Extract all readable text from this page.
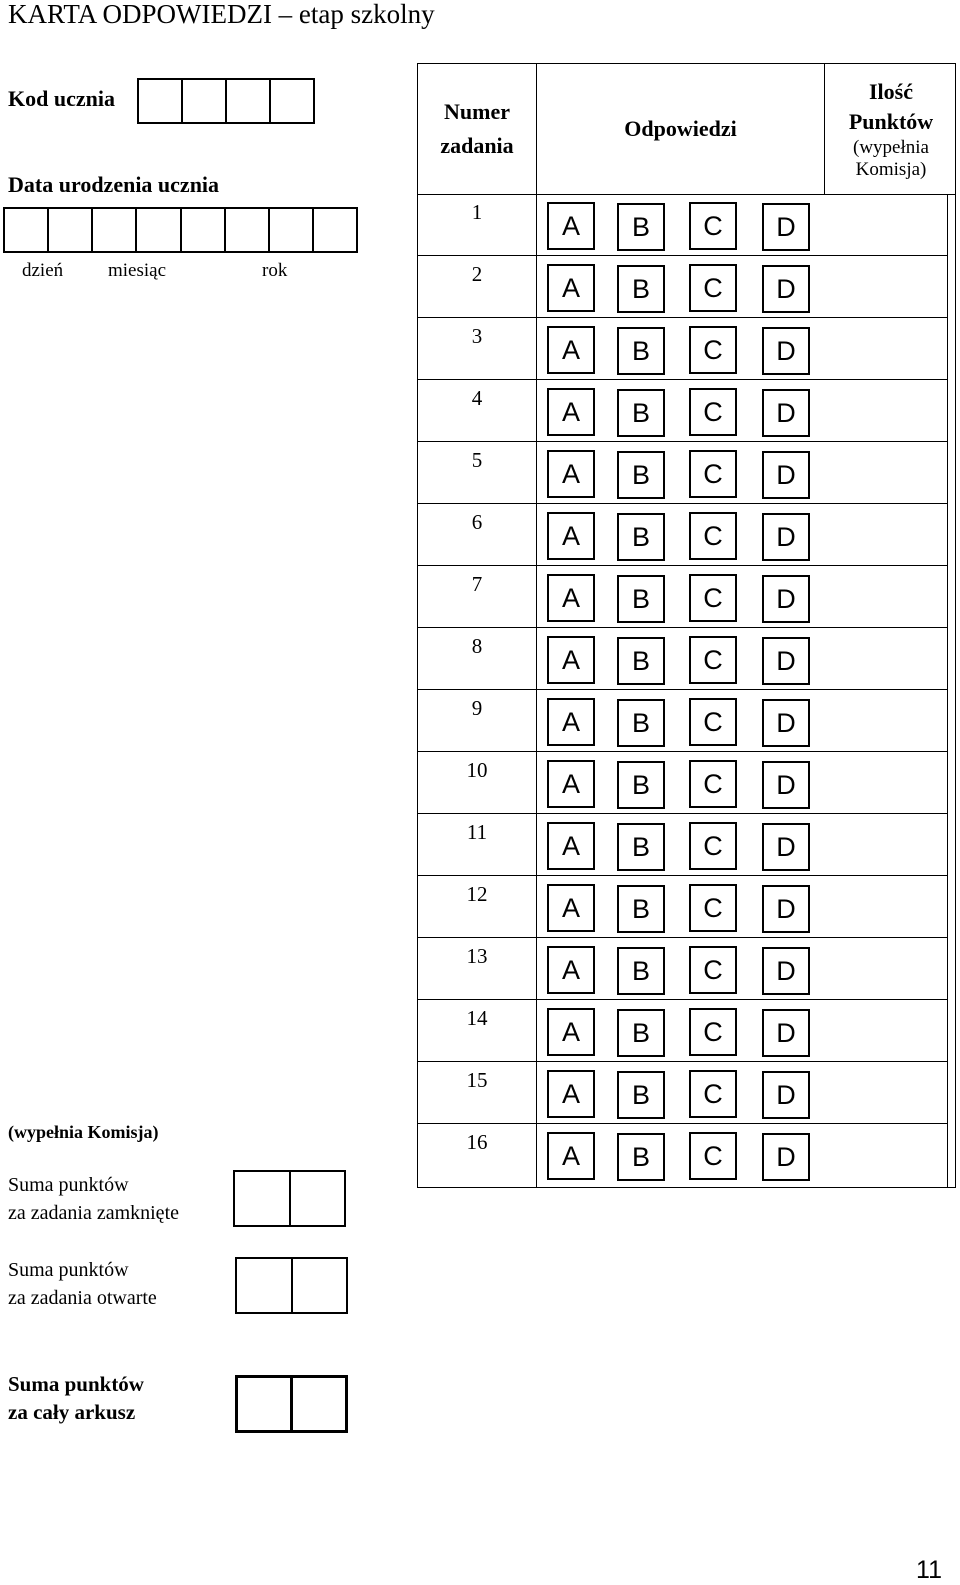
KARTA ODPOWIEDZI – etap szkolny
Kod ucznia
Data urodzenia ucznia
dzień miesiąc	rok
Numer
zadania
Odpowiedzi
Ilość
Punktów
(wypełnia
Komisja)
1	A	B	C	D
2	A	B	C	D
3	A	B	C	D
4	A	B	C	D
5	A	B	C	D
6	A	B	C	D
7	A	B	C	D
8	A	B	C	D
9	A	B	C	D
10	A	B	C	D
11	A	B	C	D
12	A	B	C	D
13	A	B	C	D
14	A	B	C	D
15	A	B	C	D
16	A	B	C	D
(wypełnia Komisja)
Suma punktów
za zadania zamknięte
Suma punktów
za zadania otwarte
Suma punktów
za cały arkusz
11
